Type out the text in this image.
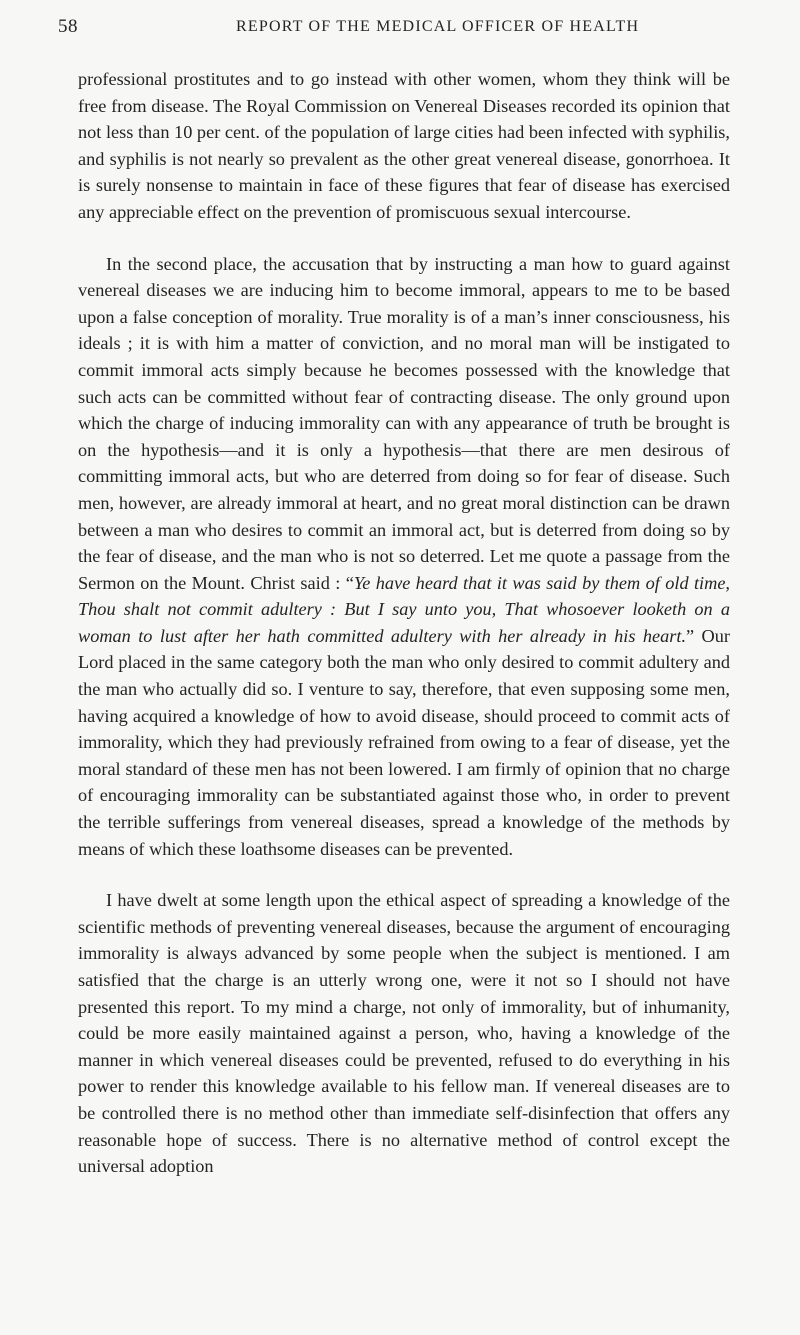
58	REPORT OF THE MEDICAL OFFICER OF HEALTH

professional prostitutes and to go instead with other women, whom they think will be free from disease. The Royal Commission on Venereal Diseases recorded its opinion that not less than 10 per cent. of the population of large cities had been infected with syphilis, and syphilis is not nearly so prevalent as the other great venereal disease, gonorrhoea. It is surely nonsense to maintain in face of these figures that fear of disease has exercised any appreciable effect on the prevention of promiscuous sexual intercourse.

In the second place, the accusation that by instructing a man how to guard against venereal diseases we are inducing him to become immoral, appears to me to be based upon a false conception of morality. True morality is of a man’s inner consciousness, his ideals ; it is with him a matter of conviction, and no moral man will be instigated to commit immoral acts simply because he becomes possessed with the knowledge that such acts can be committed without fear of contracting disease. The only ground upon which the charge of inducing immorality can with any appearance of truth be brought is on the hypothesis—and it is only a hypothesis—that there are men desirous of committing immoral acts, but who are deterred from doing so for fear of disease. Such men, however, are already immoral at heart, and no great moral distinction can be drawn between a man who desires to commit an immoral act, but is deterred from doing so by the fear of disease, and the man who is not so deterred. Let me quote a passage from the Sermon on the Mount. Christ said : “Ye have heard that it was said by them of old time, Thou shalt not commit adultery : But I say unto you, That whosoever looketh on a woman to lust after her hath committed adultery with her already in his heart.” Our Lord placed in the same category both the man who only desired to commit adultery and the man who actually did so. I venture to say, therefore, that even supposing some men, having acquired a knowledge of how to avoid disease, should proceed to commit acts of immorality, which they had previously refrained from owing to a fear of disease, yet the moral standard of these men has not been lowered. I am firmly of opinion that no charge of encouraging immorality can be substantiated against those who, in order to prevent the terrible sufferings from venereal diseases, spread a knowledge of the methods by means of which these loathsome diseases can be prevented.

I have dwelt at some length upon the ethical aspect of spreading a knowledge of the scientific methods of preventing venereal diseases, because the argument of encouraging immorality is always advanced by some people when the subject is mentioned. I am satisfied that the charge is an utterly wrong one, were it not so I should not have presented this report. To my mind a charge, not only of immorality, but of inhumanity, could be more easily maintained against a person, who, having a knowledge of the manner in which venereal diseases could be prevented, refused to do everything in his power to render this knowledge available to his fellow man. If venereal diseases are to be controlled there is no method other than immediate self-disinfection that offers any reasonable hope of success. There is no alternative method of control except the universal adoption
